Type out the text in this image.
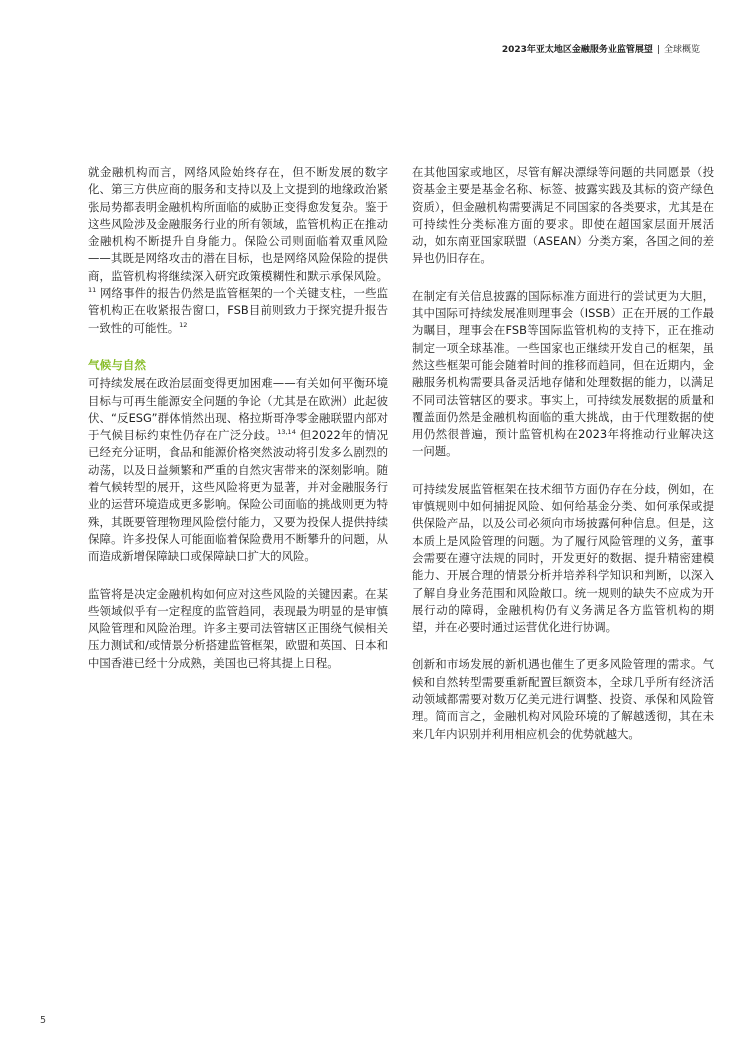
2023年亚太地区金融服务业监管展望 | 全球概览

就金融机构而言，网络风险始终存在，但不断发展的数字化、第三方供应商的服务和支持以及上文提到的地缘政治紧张局势都表明金融机构所面临的威胁正变得愈发复杂。鉴于这些风险涉及金融服务行业的所有领域，监管机构正在推动金融机构不断提升自身能力。保险公司则面临着双重风险——其既是网络攻击的潜在目标，也是网络风险保险的提供商，监管机构将继续深入研究政策模糊性和默示承保风险。$^{11}$ 网络事件的报告仍然是监管框架的一个关键支柱，一些监管机构正在收紧报告窗口，FSB目前则致力于探究提升报告一致性的可能性。$^{12}$

气候与自然

可持续发展在政治层面变得更加困难——有关如何平衡环境目标与可再生能源安全问题的争论（尤其是在欧洲）此起彼伏、“反ESG”群体悄然出现、格拉斯哥净零金融联盟内部对于气候目标约束性仍存在广泛分歧。$^{13,14}$ 但2022年的情况已经充分证明，食品和能源价格突然波动将引发多么剧烈的动荡，以及日益频繁和严重的自然灾害带来的深刻影响。随着气候转型的展开，这些风险将更为显著，并对金融服务行业的运营环境造成更多影响。保险公司面临的挑战则更为特殊，其既要管理物理风险偿付能力，又要为投保人提供持续保障。许多投保人可能面临着保险费用不断攀升的问题，从而造成新增保障缺口或保障缺口扩大的风险。

监管将是决定金融机构如何应对这些风险的关键因素。在某些领域似乎有一定程度的监管趋同，表现最为明显的是审慎风险管理和风险治理。许多主要司法管辖区正围绕气候相关压力测试和/或情景分析搭建监管框架，欧盟和英国、日本和中国香港已经十分成熟，美国也已将其提上日程。

在其他国家或地区，尽管有解决漂绿等问题的共同愿景（投资基金主要是基金名称、标签、披露实践及其标的资产绿色资质），但金融机构需要满足不同国家的各类要求，尤其是在可持续性分类标准方面的要求。即使在超国家层面开展活动，如东南亚国家联盟（ASEAN）分类方案，各国之间的差异也仍旧存在。

在制定有关信息披露的国际标准方面进行的尝试更为大胆，其中国际可持续发展准则理事会（ISSB）正在开展的工作最为瞩目，理事会在FSB等国际监管机构的支持下，正在推动制定一项全球基准。一些国家也正继续开发自己的框架，虽然这些框架可能会随着时间的推移而趋同，但在近期内，金融服务机构需要具备灵活地存储和处理数据的能力，以满足不同司法管辖区的要求。事实上，可持续发展数据的质量和覆盖面仍然是金融机构面临的重大挑战，由于代理数据的使用仍然很普遍，预计监管机构在2023年将推动行业解决这一问题。

可持续发展监管框架在技术细节方面仍存在分歧，例如，在审慎规则中如何捕捉风险、如何给基金分类、如何承保或提供保险产品，以及公司必须向市场披露何种信息。但是，这本质上是风险管理的问题。为了履行风险管理的义务，董事会需要在遵守法规的同时，开发更好的数据、提升精密建模能力、开展合理的情景分析并培养科学知识和判断，以深入了解自身业务范围和风险敞口。统一规则的缺失不应成为开展行动的障碍，金融机构仍有义务满足各方监管机构的期望，并在必要时通过运营优化进行协调。

创新和市场发展的新机遇也催生了更多风险管理的需求。气候和自然转型需要重新配置巨额资本，全球几乎所有经济活动领域都需要对数万亿美元进行调整、投资、承保和风险管理。简而言之，金融机构对风险环境的了解越透彻，其在未来几年内识别并利用相应机会的优势就越大。

5
